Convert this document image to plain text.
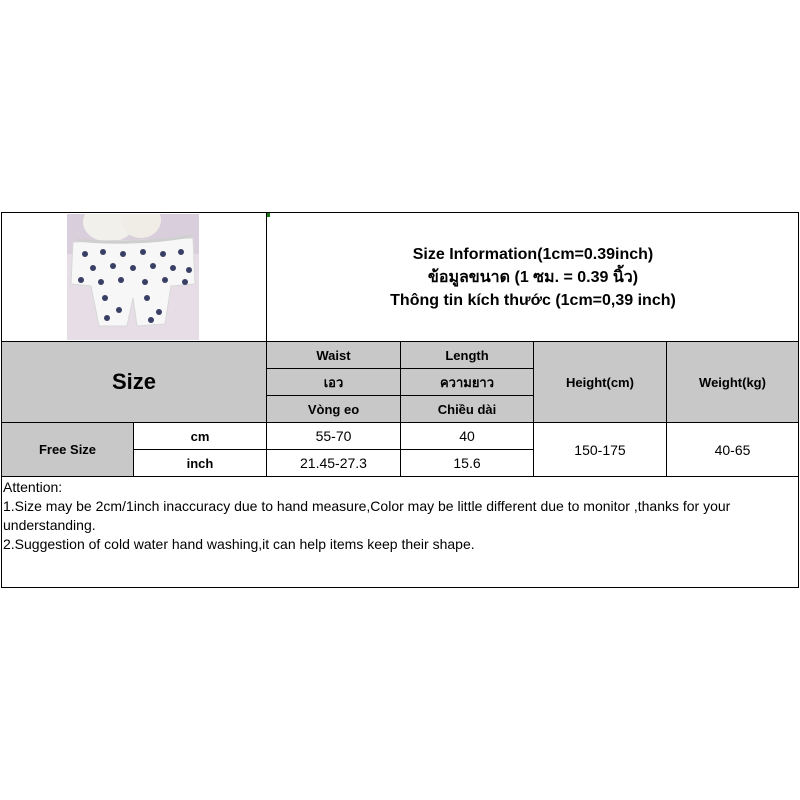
Size Information(1cm=0.39inch)
ข้อมูลขนาด (1 ซม. = 0.39 นิ้ว)
Thông tin kích thước (1cm=0,39 inch)
Size
Waist
เอว
Vòng eo
Length
ความยาว
Chiều dài
Height(cm)	Weight(kg)
Free Size
cm
inch
55-70
21.45-27.3
40
15.6
150-175	40-65
Attention:
1.Size may be 2cm/1inch inaccuracy due to hand measure,Color may be little different due to monitor ,thanks for your understanding.
2.Suggestion of cold water hand washing,it can help items keep their shape.
